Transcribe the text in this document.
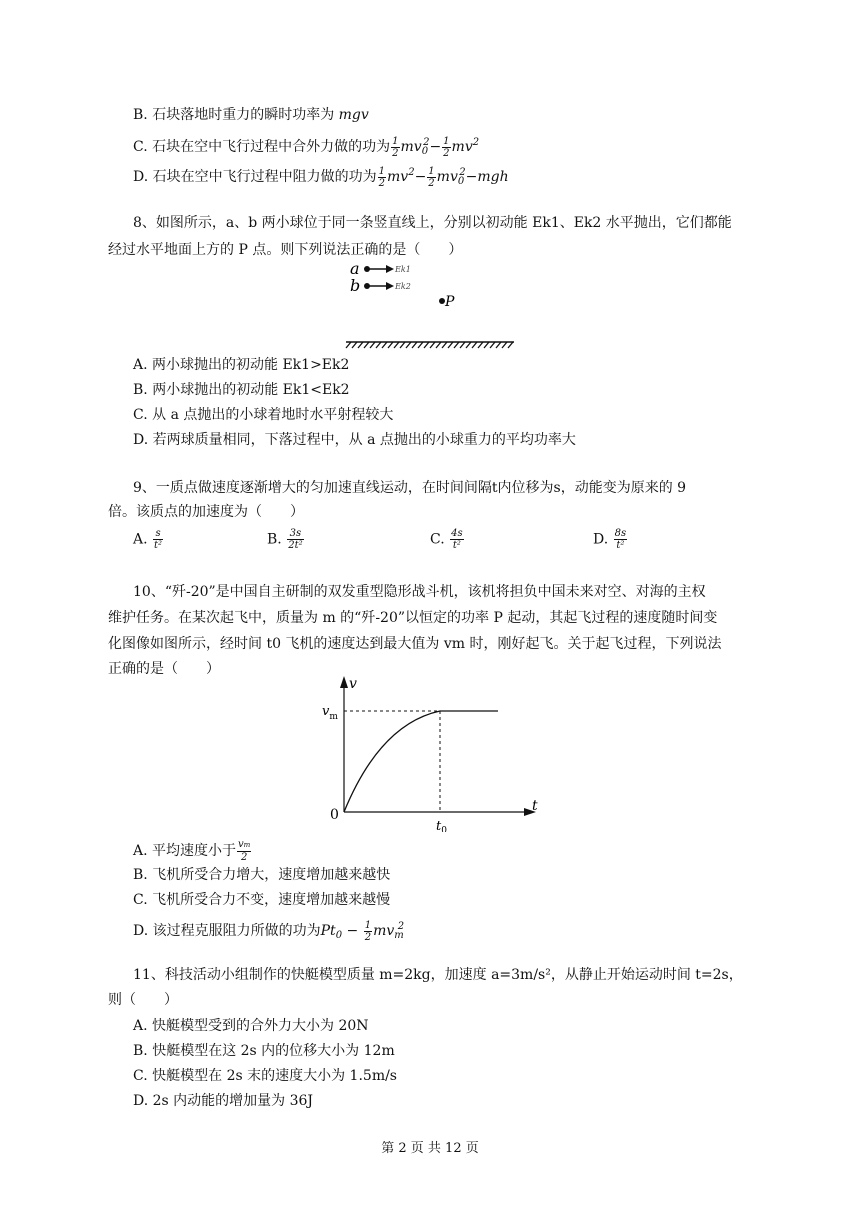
B. 石块落地时重力的瞬时功率为 mgv
C. 石块在空中飞行过程中合外力做的功为 $\frac{1}{2} mv_0^2- \frac{1}{2} mv^2$
D. 石块在空中飞行过程中阻力做的功为 $\frac{1}{2} mv^2- \frac{1}{2} mv_0^2-mgh$
8、如图所示，a、b 两小球位于同一条竖直线上，分别以初动能 Ek1、Ek2 水平抛出，它们都能
经过水平地面上方的 P 点。则下列说法正确的是（　　）
a	Ek1
b	Ek2
P
A. 两小球抛出的初动能 Ek1>Ek2
B. 两小球抛出的初动能 Ek1<Ek2
C. 从 a 点抛出的小球着地时水平射程较大
D. 若两球质量相同，下落过程中，从 a 点抛出的小球重力的平均功率大
9、一质点做速度逐渐增大的匀加速直线运动，在时间间隔t内位移为s，动能变为原来的 9
倍。该质点的加速度为（　　）
A. $\frac{s}{\text{t²}}$	B. $\frac{3s}{\text{2t²}}$	C. $\frac{4s}{\text{t²}}$	D. $\frac{8s}{\text{t²}}$
10、“歼-20”是中国自主研制的双发重型隐形战斗机，该机将担负中国未来对空、对海的主权
维护任务。在某次起飞中，质量为 m 的“歼-20”以恒定的功率 P 起动，其起飞过程的速度随时间变
化图像如图所示，经时间 t0 飞机的速度达到最大值为 vm 时，刚好起飞。关于起飞过程，下列说法
正确的是（　　）
v
$v_m$
0
t
$t_0$
A. 平均速度小于 $\frac{vm}{2}$
B. 飞机所受合力增大，速度增加越来越快
C. 飞机所受合力不变，速度增加越来越慢
D. 该过程克服阻力所做的功为$Pt_0 - \frac{1}{2} mv_m^2$
11、科技活动小组制作的快艇模型质量 m=2kg，加速度 a=3m/s²，从静止开始运动时间 t=2s，
则（　　）
A. 快艇模型受到的合外力大小为 20N
B. 快艇模型在这 2s 内的位移大小为 12m
C. 快艇模型在 2s 末的速度大小为 1.5m/s
D. 2s 内动能的增加量为 36J
第 2 页 共 12 页
